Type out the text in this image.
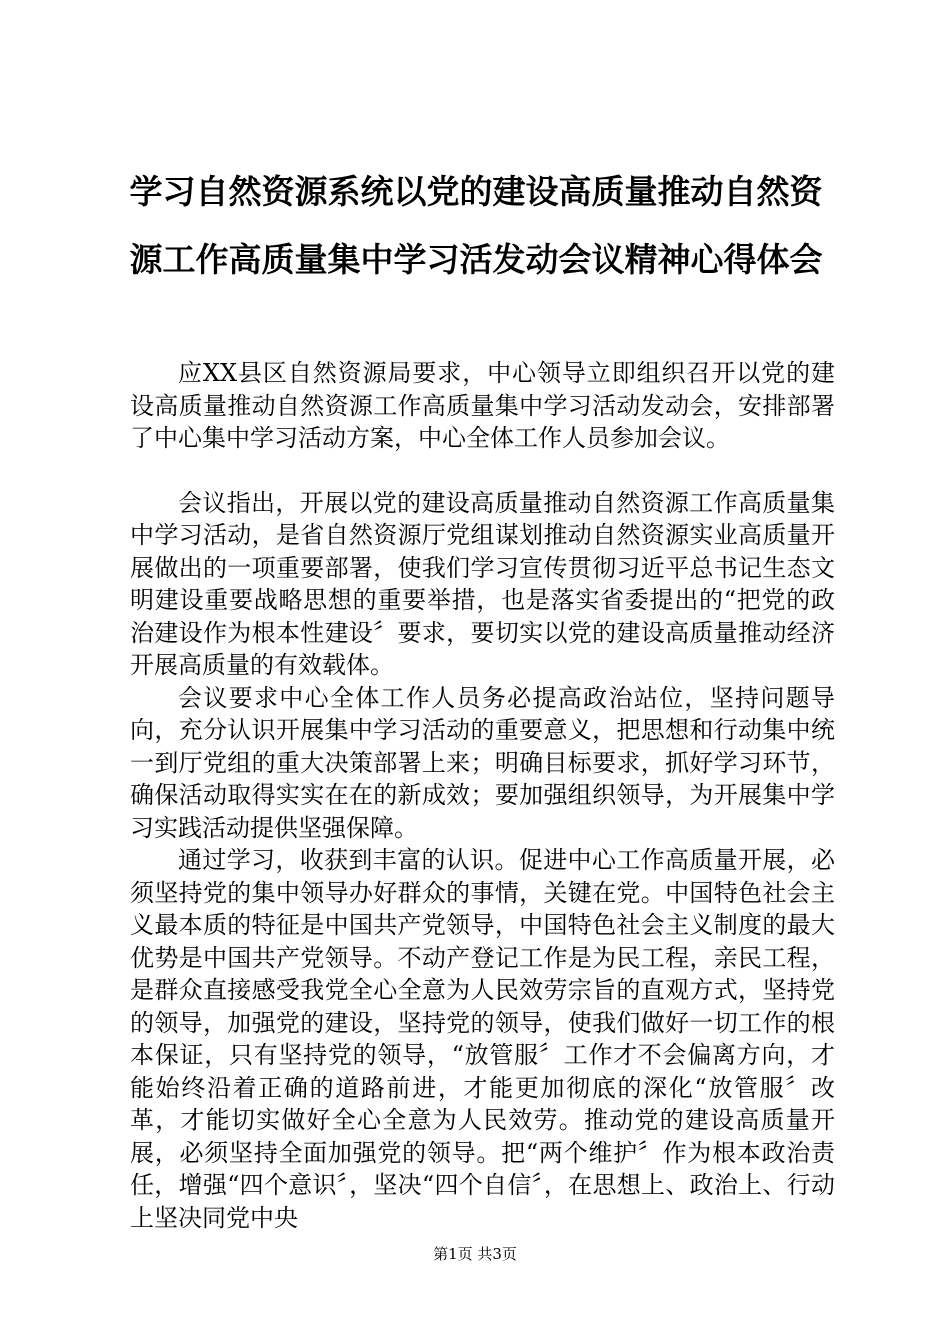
学习自然资源系统以党的建设高质量推动自然资源工作高质量集中学习活发动会议精神心得体会

应XX县区自然资源局要求，中心领导立即组织召开以党的建设高质量推动自然资源工作高质量集中学习活动发动会，安排部署了中心集中学习活动方案，中心全体工作人员参加会议。

会议指出，开展以党的建设高质量推动自然资源工作高质量集中学习活动，是省自然资源厅党组谋划推动自然资源实业高质量开展做出的一项重要部署，使我们学习宣传贯彻习近平总书记生态文明建设重要战略思想的重要举措，也是落实省委提出的“把党的政治建设作为根本性建设〞要求，要切实以党的建设高质量推动经济开展高质量的有效载体。

会议要求中心全体工作人员务必提高政治站位，坚持问题导向，充分认识开展集中学习活动的重要意义，把思想和行动集中统一到厅党组的重大决策部署上来；明确目标要求，抓好学习环节，确保活动取得实实在在的新成效；要加强组织领导，为开展集中学习实践活动提供坚强保障。

通过学习，收获到丰富的认识。促进中心工作高质量开展，必须坚持党的集中领导办好群众的事情，关键在党。中国特色社会主义最本质的特征是中国共产党领导，中国特色社会主义制度的最大优势是中国共产党领导。不动产登记工作是为民工程，亲民工程，是群众直接感受我党全心全意为人民效劳宗旨的直观方式，坚持党的领导，加强党的建设，坚持党的领导，使我们做好一切工作的根本保证，只有坚持党的领导，“放管服〞工作才不会偏离方向，才能始终沿着正确的道路前进，才能更加彻底的深化“放管服〞改革，才能切实做好全心全意为人民效劳。推动党的建设高质量开展，必须坚持全面加强党的领导。把“两个维护〞作为根本政治责任，增强“四个意识〞，坚决“四个自信〞，在思想上、政治上、行动上坚决同党中央

第1页 共3页
